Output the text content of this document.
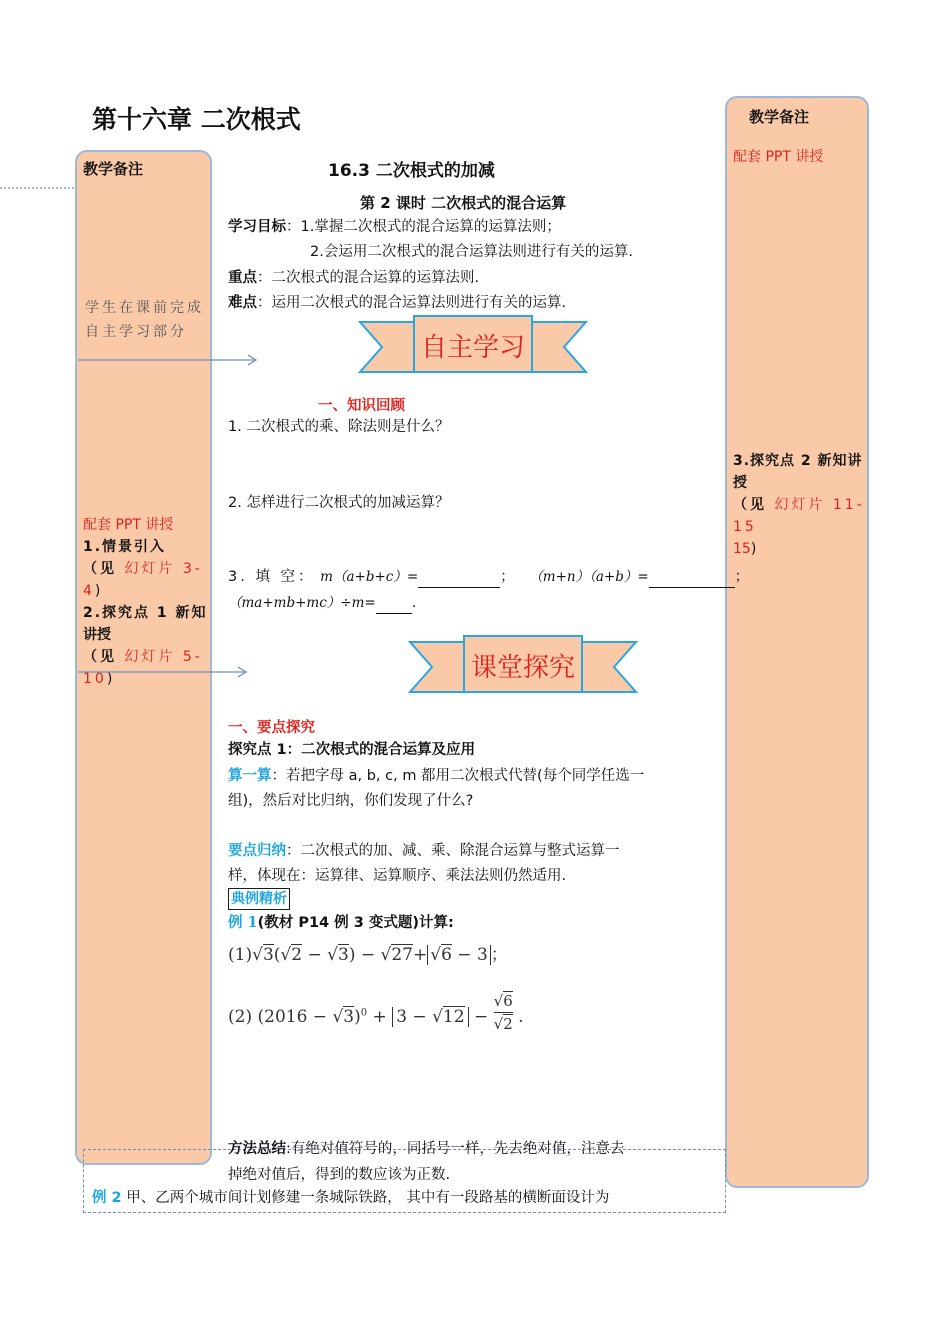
第十六章 二次根式
教学备注
学生在课前完成
自主学习部分
配套 PPT 讲授
1.情景引入
（见 幻灯片 3-4)
2.探究点 1 新知
讲授
（见 幻灯片 5-10)
教学备注
配套 PPT 讲授
3.探究点 2 新知讲
授
（见 幻灯片 11-15
15)
16.3 二次根式的加减
第 2 课时 二次根式的混合运算
学习目标：1.掌握二次根式的混合运算的运算法则；
2.会运用二次根式的混合运算法则进行有关的运算.
重点：二次根式的混合运算的运算法则.
难点：运用二次根式的混合运算法则进行有关的运算.
自主学习
一、知识回顾
1. 二次根式的乘、除法则是什么？
2. 怎样进行二次根式的加减运算？
3. 填 空： m（a+b+c）=	； （m+n）（a+b）=	；
（ma+mb+mc）÷m= .
课堂探究
一、要点探究
探究点 1：二次根式的混合运算及应用
算一算：若把字母 a, b, c, m 都用二次根式代替(每个同学任选一
组)，然后对比归纳，你们发现了什么?
要点归纳：二次根式的加、减、乘、除混合运算与整式运算一
样，体现在：运算律、运算顺序、乘法法则仍然适用.
典例精析
例 1(教材 P14 例 3 变式题)计算:
(1)√3(√2 − √3) − √27+ √6 − 3 ；
(2) $(2016 - √3)^0 + 3 - √12 - \frac{√6}{√2}$ .
方法总结:有绝对值符号的，同括号一样，先去绝对值，注意去
掉绝对值后，得到的数应该为正数.
例 2 甲、乙两个城市间计划修建一条城际铁路， 其中有一段路基的横断面设计为
